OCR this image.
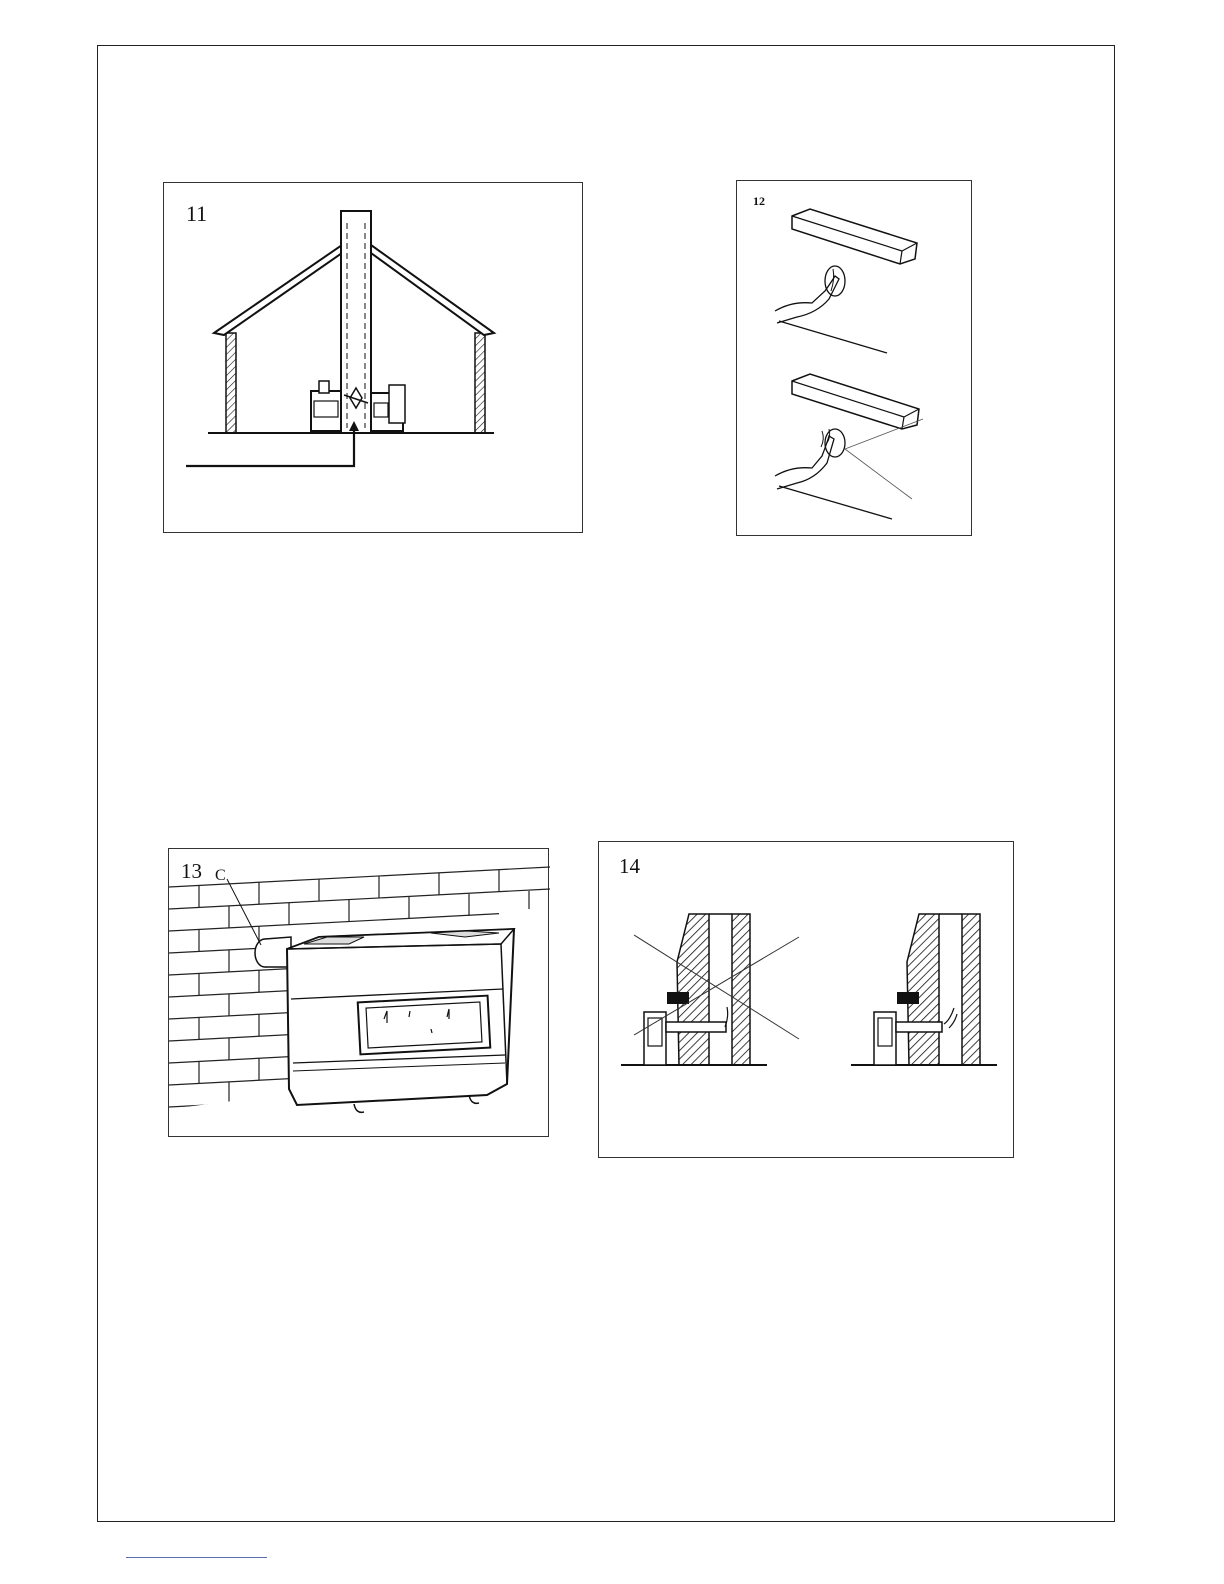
11	12
13 C	14
